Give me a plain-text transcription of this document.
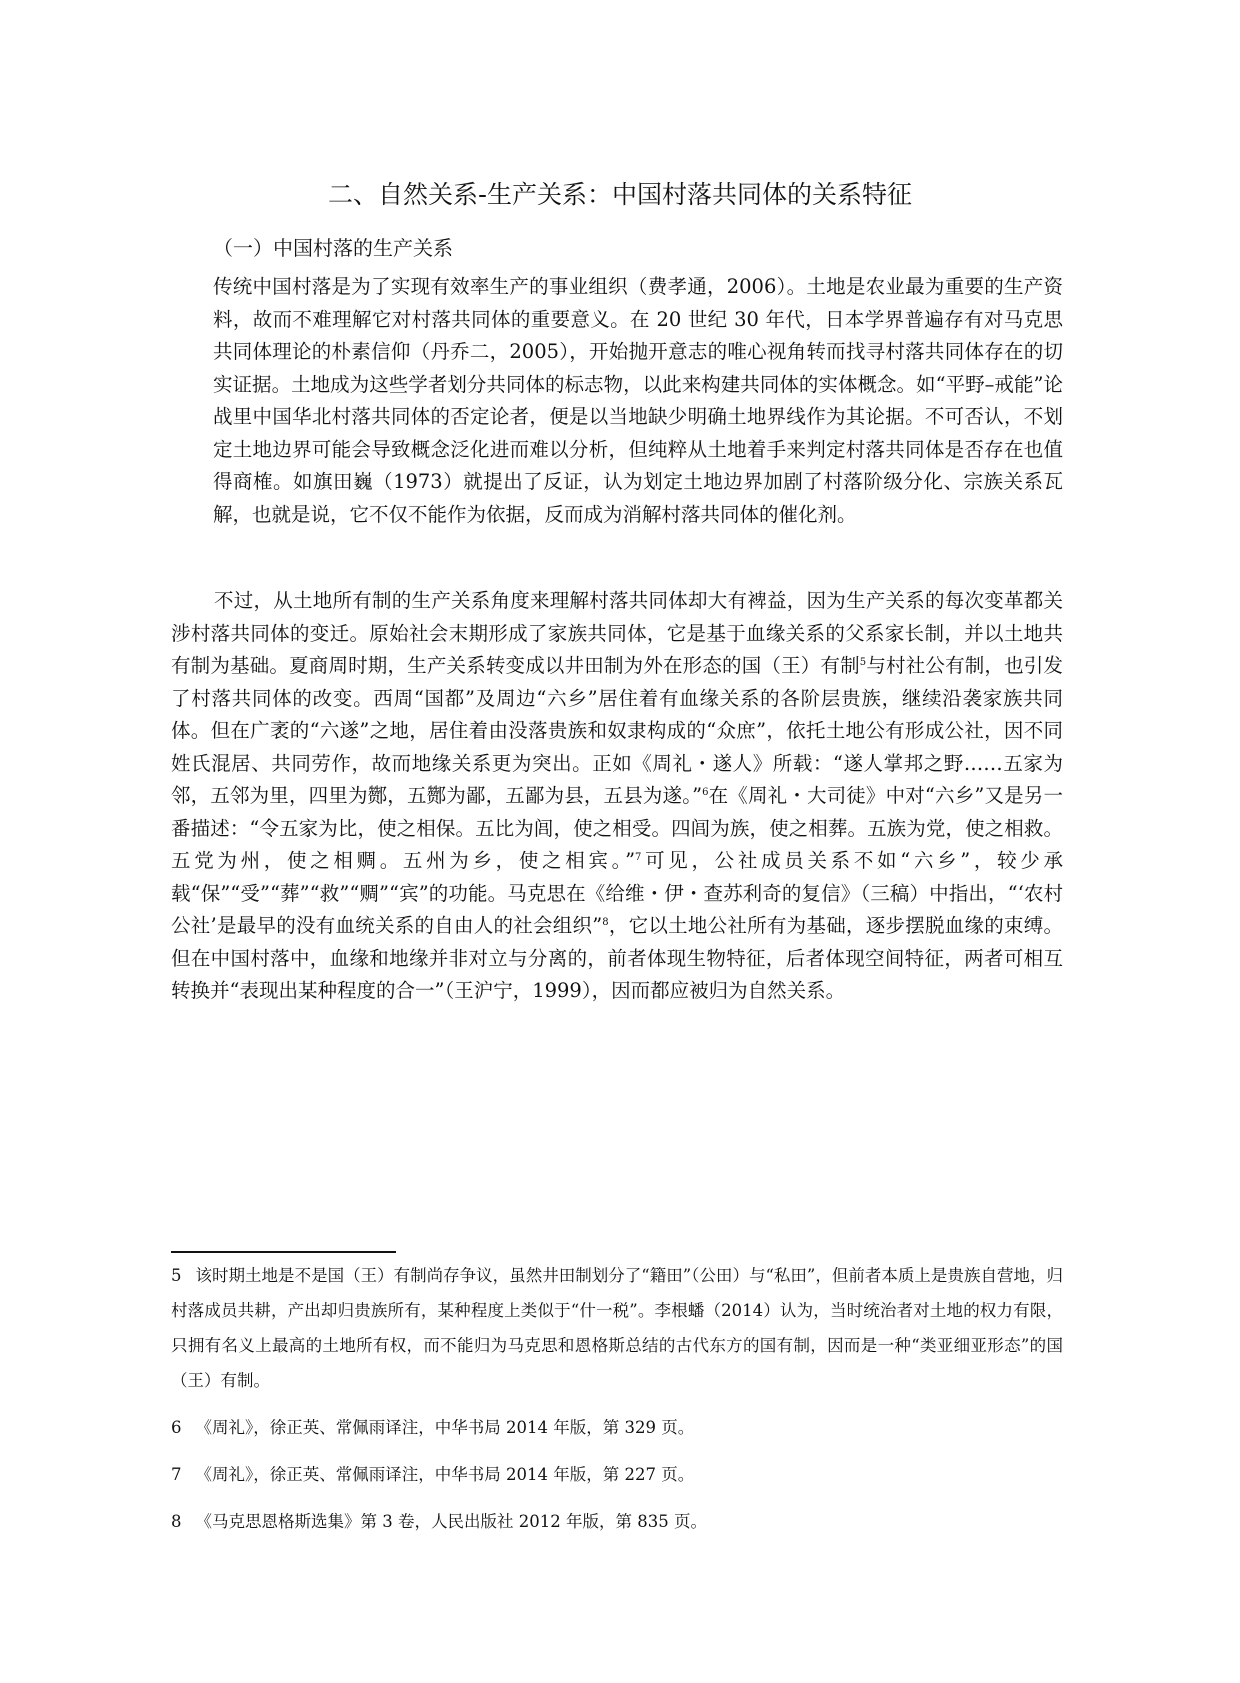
二、自然关系-生产关系：中国村落共同体的关系特征
（一）中国村落的生产关系

传统中国村落是为了实现有效率生产的事业组织（费孝通，2006）。土地是农业最为重要的生产资料，故而不难理解它对村落共同体的重要意义。在 20 世纪 30 年代，日本学界普遍存有对马克思共同体理论的朴素信仰（丹乔二，2005），开始抛开意志的唯心视角转而找寻村落共同体存在的切实证据。土地成为这些学者划分共同体的标志物，以此来构建共同体的实体概念。如“平野–戒能”论战里中国华北村落共同体的否定论者，便是以当地缺少明确土地界线作为其论据。不可否认，不划定土地边界可能会导致概念泛化进而难以分析，但纯粹从土地着手来判定村落共同体是否存在也值得商榷。如旗田巍（1973）就提出了反证，认为划定土地边界加剧了村落阶级分化、宗族关系瓦解，也就是说，它不仅不能作为依据，反而成为消解村落共同体的催化剂。

不过，从土地所有制的生产关系角度来理解村落共同体却大有裨益，因为生产关系的每次变革都关涉村落共同体的变迁。原始社会末期形成了家族共同体，它是基于血缘关系的父系家长制，并以土地共有制为基础。夏商周时期，生产关系转变成以井田制为外在形态的国（王）有制$^5$与村社公有制，也引发了村落共同体的改变。西周“国都”及周边“六乡”居住着有血缘关系的各阶层贵族，继续沿袭家族共同体。但在广袤的“六遂”之地，居住着由没落贵族和奴隶构成的“众庶”，依托土地公有形成公社，因不同姓氏混居、共同劳作，故而地缘关系更为突出。正如《周礼・遂人》所载：“遂人掌邦之野……五家为邻，五邻为里，四里为酂，五酂为鄙，五鄙为县，五县为遂。”$^6$在《周礼・大司徒》中对“六乡”又是另一番描述：“令五家为比，使之相保。五比为闾，使之相受。四闾为族，使之相葬。五族为党，使之相救。五党为州，使之相赒。五州为乡，使之相宾。”$^7$可见，公社成员关系不如“六乡”，较少承载“保”“受”“葬”“救”“赒”“宾”的功能。马克思在《给维・伊・查苏利奇的复信》（三稿）中指出，“‘农村公社’是最早的没有血统关系的自由人的社会组织”$^8$，它以土地公社所有为基础，逐步摆脱血缘的束缚。但在中国村落中，血缘和地缘并非对立与分离的，前者体现生物特征，后者体现空间特征，两者可相互转换并“表现出某种程度的合一”（王沪宁，1999），因而都应被归为自然关系。

5 该时期土地是不是国（王）有制尚存争议，虽然井田制划分了“籍田”（公田）与“私田”，但前者本质上是贵族自营地，归村落成员共耕，产出却归贵族所有，某种程度上类似于“什一税”。李根蟠（2014）认为，当时统治者对土地的权力有限，只拥有名义上最高的土地所有权，而不能归为马克思和恩格斯总结的古代东方的国有制，因而是一种“类亚细亚形态”的国（王）有制。

6 《周礼》，徐正英、常佩雨译注，中华书局 2014 年版，第 329 页。

7 《周礼》，徐正英、常佩雨译注，中华书局 2014 年版，第 227 页。

8 《马克思恩格斯选集》第 3 卷，人民出版社 2012 年版，第 835 页。
